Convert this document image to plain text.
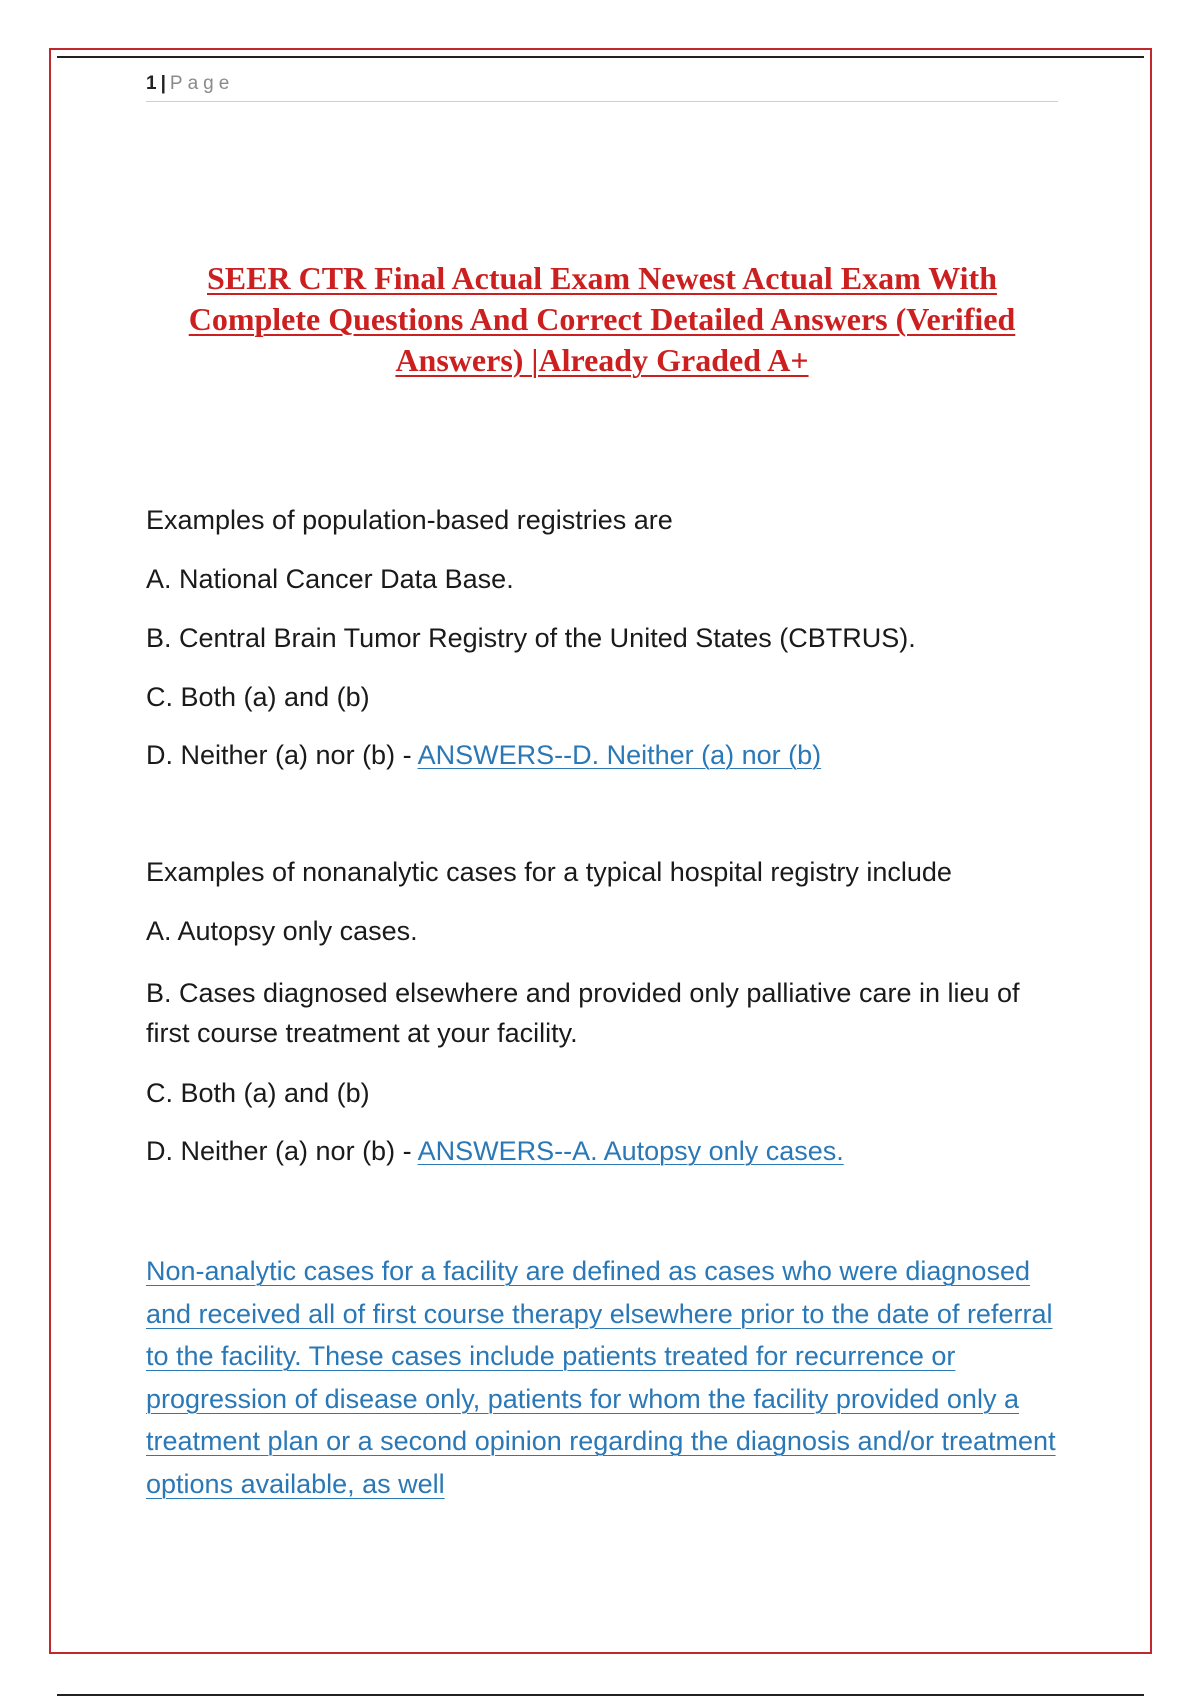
1 | Page
SEER CTR Final Actual Exam Newest Actual Exam With Complete Questions And Correct Detailed Answers (Verified Answers) |Already Graded A+

Examples of population-based registries are

A. National Cancer Data Base.

B. Central Brain Tumor Registry of the United States (CBTRUS).

C. Both (a) and (b)

D. Neither (a) nor (b) - ANSWERS--D. Neither (a) nor (b)

Examples of nonanalytic cases for a typical hospital registry include

A. Autopsy only cases.

B. Cases diagnosed elsewhere and provided only palliative care in lieu of first course treatment at your facility.

C. Both (a) and (b)

D. Neither (a) nor (b) - ANSWERS--A. Autopsy only cases.

Non-analytic cases for a facility are defined as cases who were diagnosed and received all of first course therapy elsewhere prior to the date of referral to the facility. These cases include patients treated for recurrence or progression of disease only, patients for whom the facility provided only a treatment plan or a second opinion regarding the diagnosis and/or treatment options available, as well
